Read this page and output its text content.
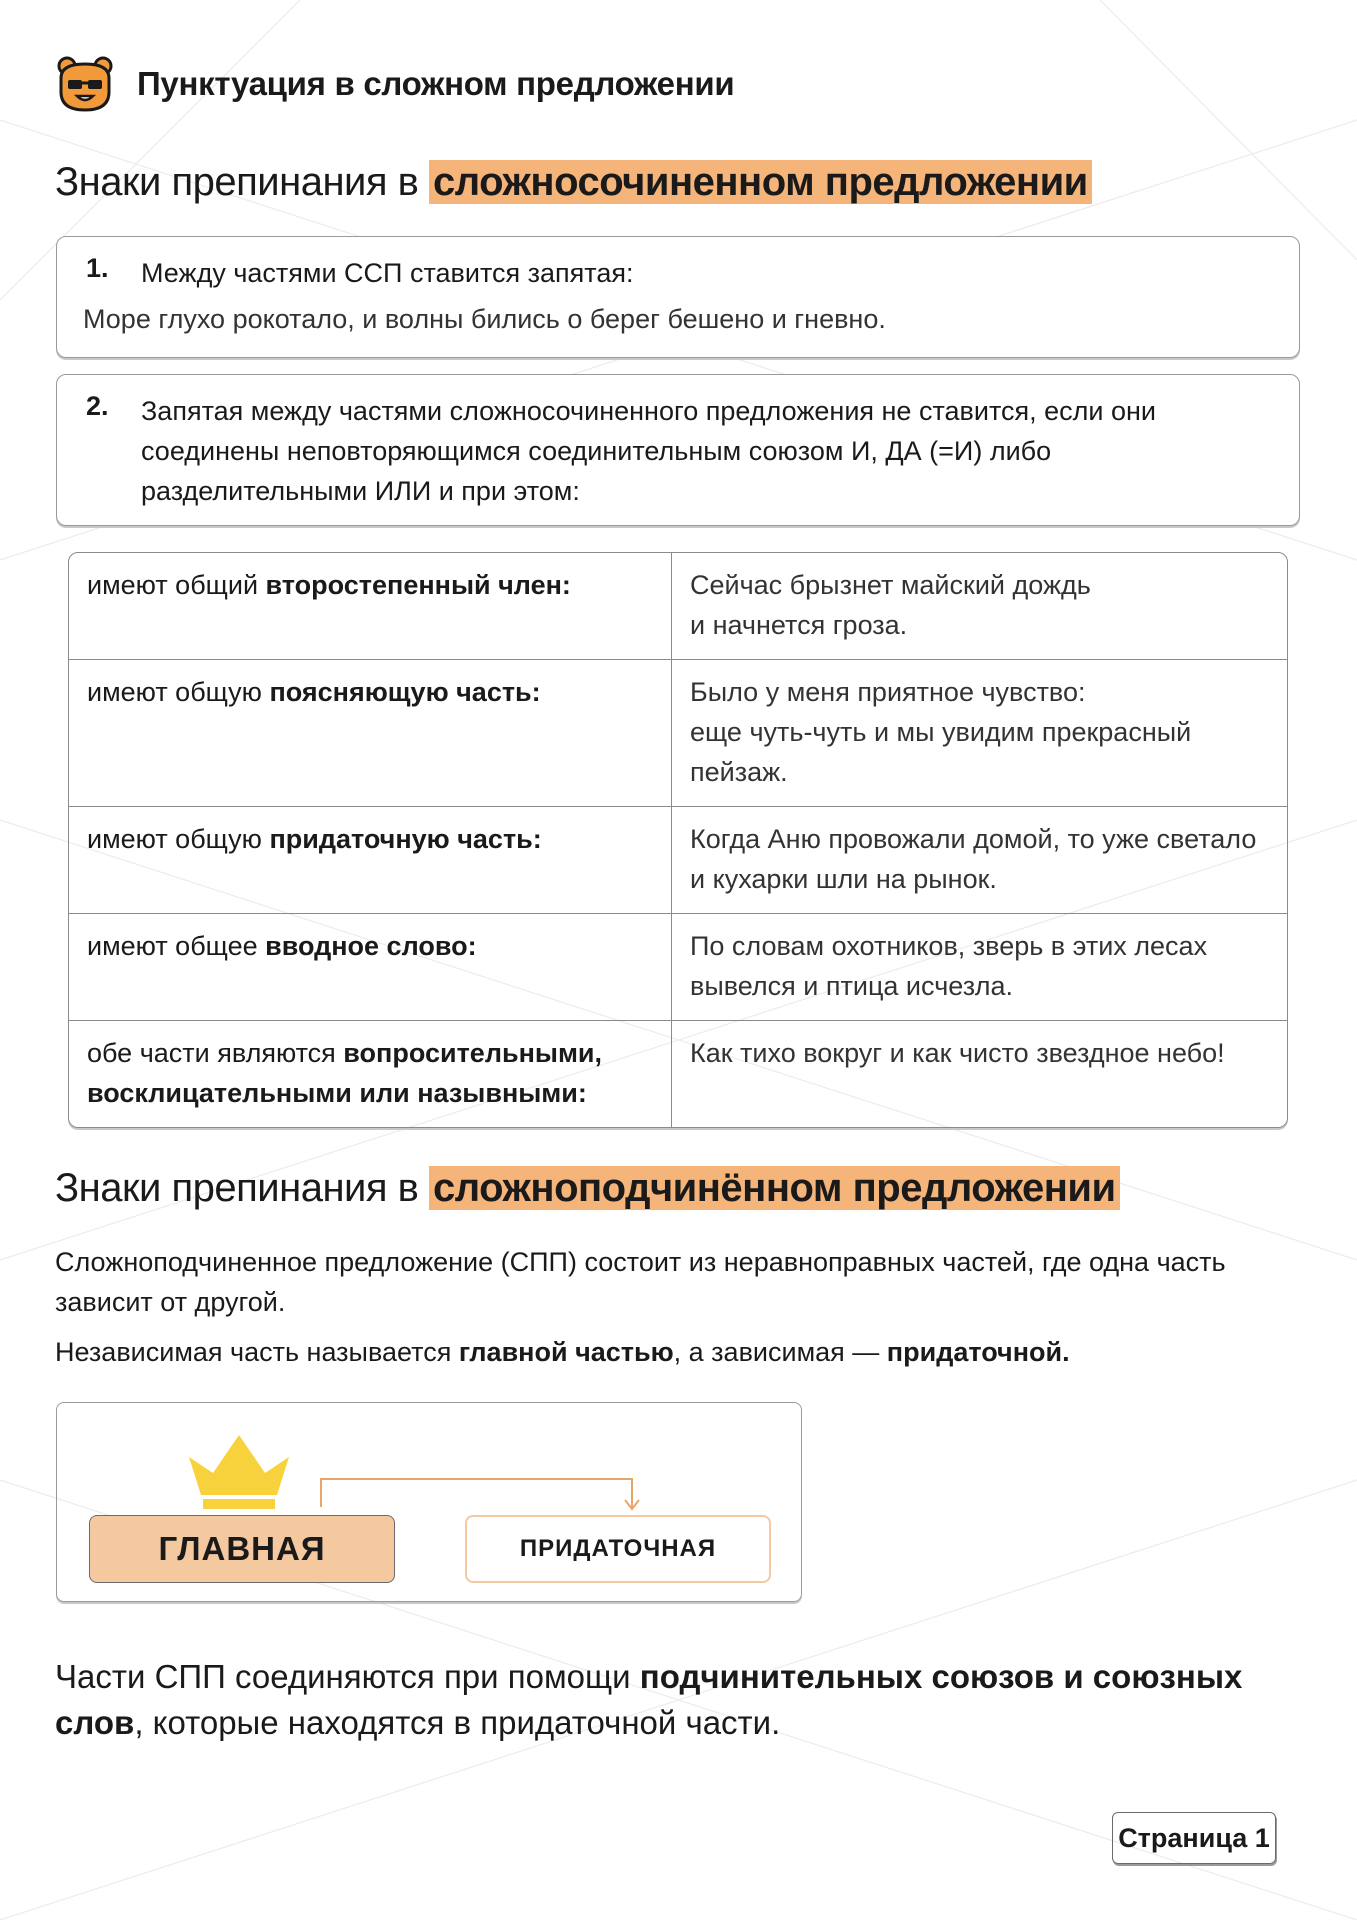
Пунктуация в сложном предложении
Знаки препинания в сложносочиненном предложении
1.	Между частями ССП ставится запятая:
Море глухо рокотало, и волны бились о берег бешено и гневно.
2.	Запятая между частями сложносочиненного предложения не ставится, если они соединены неповторяющимся соединительным союзом И, ДА (=И) либо разделительными ИЛИ и при этом:
имеют общий второстепенный член:	Сейчас брызнет майский дождь
и начнется гроза.
имеют общую поясняющую часть:	Было у меня приятное чувство:
еще чуть-чуть и мы увидим прекрасный пейзаж.
имеют общую придаточную часть:	Когда Аню провожали домой, то уже светало и кухарки шли на рынок.
имеют общее вводное слово:	По словам охотников, зверь в этих лесах вывелся и птица исчезла.
обе части являются вопросительными, восклицательными или назывными:	Как тихо вокруг и как чисто звездное небо!
Знаки препинания в сложноподчинённом предложении
Сложноподчиненное предложение (СПП) состоит из неравноправных частей, где одна часть зависит от другой.
Независимая часть называется главной частью, а зависимая — придаточной.
ГЛАВНАЯ	ПРИДАТОЧНАЯ
Части СПП соединяются при помощи подчинительных союзов и союзных слов, которые находятся в придаточной части.
Страница 1
